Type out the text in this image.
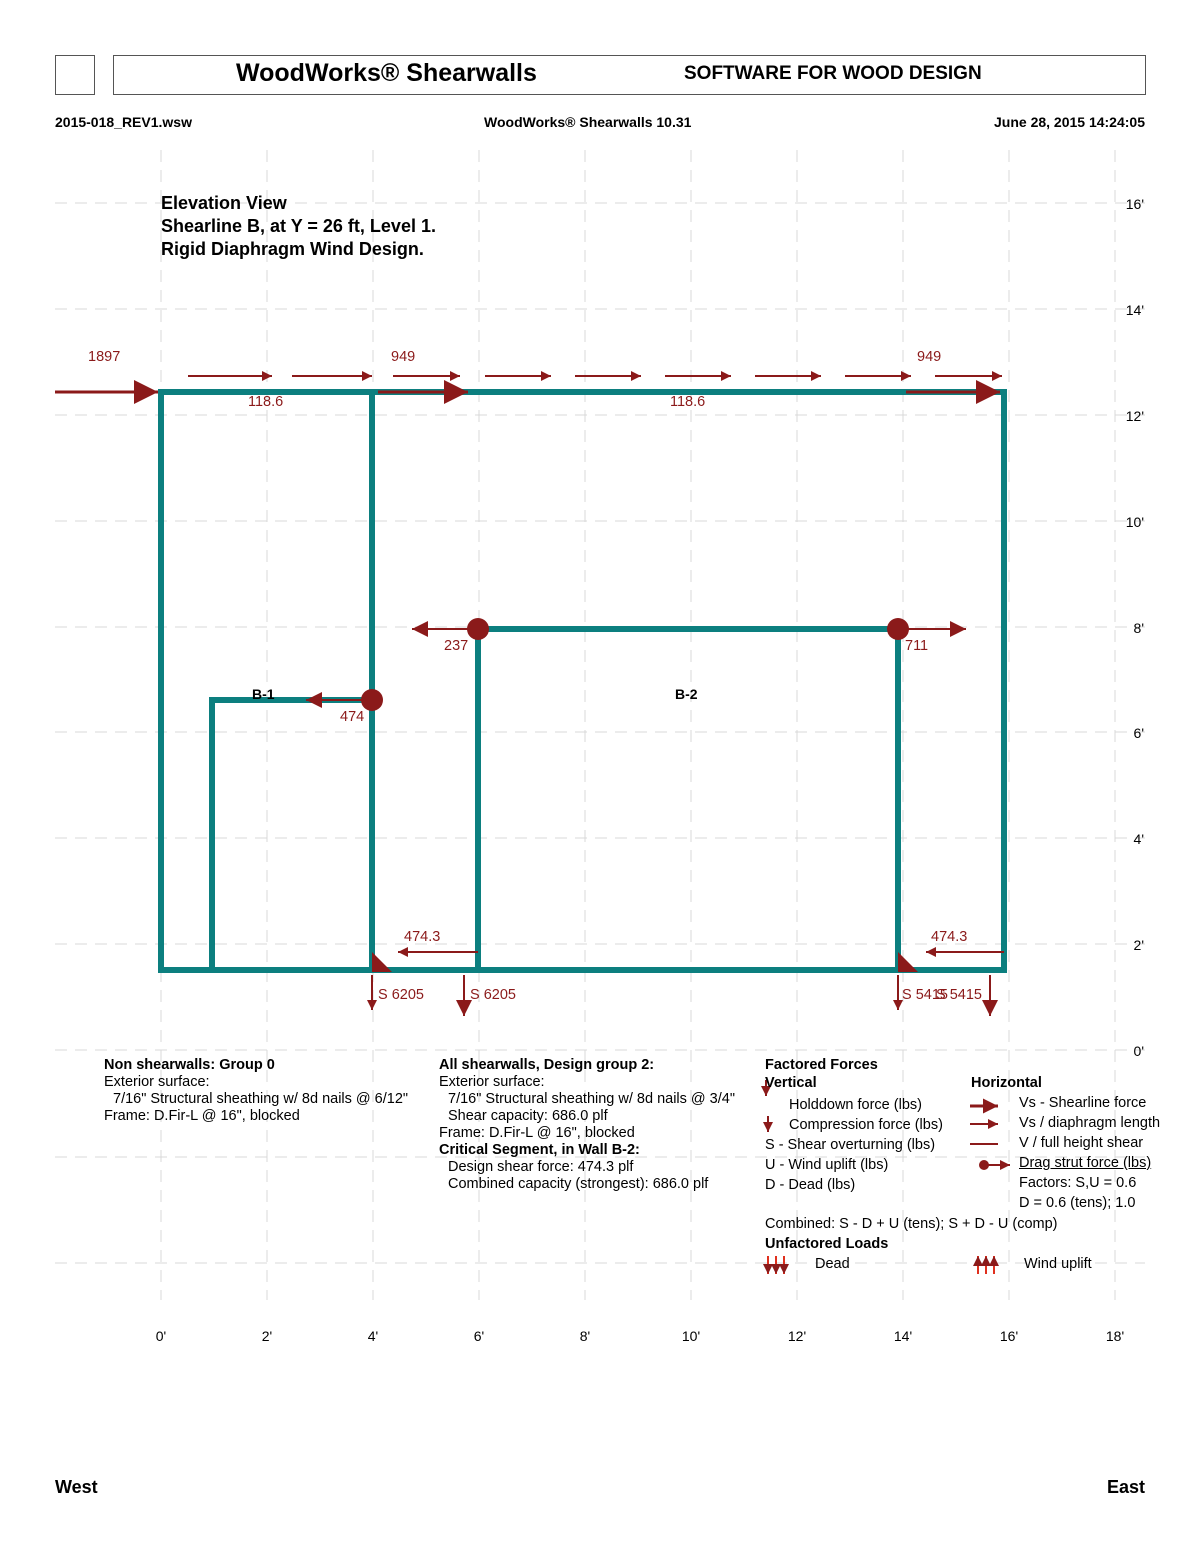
WoodWorks® Shearwalls	SOFTWARE FOR WOOD DESIGN
2015-018_REV1.wsw	WoodWorks® Shearwalls 10.31	June 28, 2015 14:24:05
0'	2'	4'	6'	8'	10'	12'	14'	16'	18'
0'
2'
4'
6'
8'
10'
12'
14'
16'
1897	949	949
118.6	118.6
237	711
474
474.3	474.3
S 6205	S 6205	S 5415
S 5415
B-1	B-2
Elevation View
Shearline B, at Y = 26 ft, Level 1.
Rigid Diaphragm Wind Design.
Non shearwalls: Group 0
Exterior surface:
7/16" Structural sheathing w/ 8d nails @ 6/12"
Frame: D.Fir-L @ 16", blocked
All shearwalls, Design group 2:
Exterior surface:
7/16" Structural sheathing w/ 8d nails @ 3/4"
Shear capacity: 686.0 plf
Frame: D.Fir-L @ 16", blocked
Critical Segment, in Wall B-2:
Design shear force: 474.3 plf
Combined capacity (strongest): 686.0 plf
Factored Forces
Vertical
Holddown force (lbs)
Compression force (lbs)
S - Shear overturning (lbs)
U - Wind uplift (lbs)
D - Dead (lbs)
Horizontal
Vs - Shearline force
Vs / diaphragm length
V / full height shear
Drag strut force (lbs)
Factors: S,U = 0.6
D = 0.6 (tens); 1.0
Combined: S - D + U (tens); S + D - U (comp)
Unfactored Loads
Dead	Wind uplift
West	East
